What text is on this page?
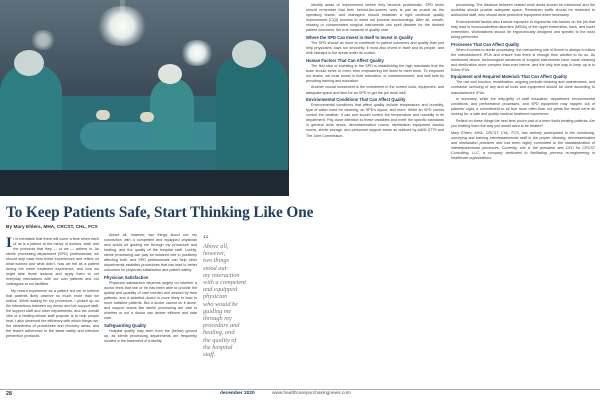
To Keep Patients Safe, Start Thinking Like One
By Mary Ehlers, MHA, CRCST, CHL, FCS

It is inevitable that there will come a time when each of us is a patient at the mercy of doctors, staff, and the protocols that they — or we — adhere to. As sterile processing department (SPD) professionals, we should step back from these experiences and reflect on what worked and what didn't, how we felt as a patient during the entire treatment experience, and how we might take those lessons and apply them to our everyday interactions with our own patients and our colleagues at our facilities.

My recent experience as a patient led me to believe that patients likely observe so much more than we realize. While waiting for my procedure, I picked up on the interactions between my doctor and her support staff, the support staff and other departments, and the overall vibe of a healthy-whose staff purpose is to help people heal. I also observed the efficiency with which things ran, the cleanliness of procedures and recovery areas, and the team's adherence to the latest safety and infection prevention protocols.

Above all, however, two things stood out: my connection with a competent and equipped physician who would be guiding me through my procedure and healing, and the quality of the hospital staff. Luckily, sterile processing can play an outsized role in positively affecting both, and SPD professionals can help other departments establish procedures that can lead to better outcomes for physician satisfaction and patient safety.

Physician Satisfaction

Physician satisfaction depends largely on whether a doctor feels that she or he has been able to provide the quality and quantity of care needed and desired by their patients, and a satisfied doctor is more likely to lead to more satisfied patients. But a doctor cannot do it alone, and support teams like sterile processing are vital to whether or not a doctor can deliver efficient and safe care.

Safeguarding Quality

Hospital quality may stem from the (below) ground up, as sterile processing departments are frequently located in the basement of a facility.

“
Above all,
however,
two things
stood out:
my interaction
with a competent
and equipped
physician
who would be
guiding me
through my
procedure and
healing, and
the quality of
the hospital
staff.

identify areas of improvement before they become problematic. SPD techs should remember that their behind-the-scenes work is just as crucial as the operating teams, and managers should establish a rigid continual quality improvement (CQI) process to weed out process shortcomings. After all, unsafe, missing or contaminated surgical instruments can spell disaster for the desired patient outcomes, the true measure of quality care.

Where the SPD Can Invest in Itself to Invest in Quality

The SPD should do more to contribute to patient outcomes and quality than just help physicians' days run smoothly; it must also invest in itself and its people, and limit mishaps in the areas under its control.

Human Factors That Can Affect Quality

The first step of investing in the SPD is establishing the high standards that the team should strive to meet, then empowering the team to meet them. To empower our teams, we must invest in their education, or commencement, and skill sets by providing training and education.

Another crucial investment is the investment in the correct tools, equipment, and adequate space and time for an SPD to get the job done well.

Environmental Conditions That Can Affect Quality

Environmental conditions that affect quality include temperature and humidity, type of water used for cleaning, an SPD's layout, and more. While an SPD cannot control the weather, it can and should control the temperature and humidity in its department. Pay close attention to these variables and meet the specific standards in general work areas, decontamination rooms, sterilization equipment access rooms, sterile storage, and personnel support areas as outlined by AAMI ST79 and The Joint Commission.

processing. The distance between related work areas should be minimized and the workflow should provide adequate space. Pedestrian traffic should be restricted to authorized staff, who should wear protective equipment when necessary.

Environmental factors also include exposure to ergonomic risk factors on the job that may lead to musculoskeletal disorders (MSDs) of the upper extremities, back, and lower extremities. Workstations should be ergonomically designed and specific to the work being performed.

Processes That Can Affect Quality

When it comes to sterile processing, the overarching rule of thumb is always to follow the manufacturers' IFUs and ensure that there is enough time allotted to do so. As mentioned above, technological advances of surgical instruments have made cleaning and sterilization more complex than ever before, and the only true way to keep up is to follow IFUs.

Equipment and Required Materials That Can Affect Quality

The use and function, recalibration, ongoing periodic cleaning and maintenance, and contractor servicing of any and all tools and equipment should be done according to manufacturers' IFUs.

In summary, while the nitty-gritty of staff education, department environmental conditions, and performance processes, and SPD equipment may happen out of patients' sight, a commitment to all four more often than not yields the result we're all looking for: a safe and quality medical treatment experience.

Reflect on these things the next time you're part of a team that's treating patients. Are you treating them the way you would want to be treated?

Mary Ehlers, MHA, CRCST, CHL, FCS, has actively participated in the monitoring, surveying and training interdepartmental staff in the proper cleaning, decontamination and sterilization practices and has been highly committed to the standardization of interdepartmental processes. Currently, she is the president and CEO for CRCST Consulting, LLC, a company dedicated to facilitating process re-engineering in healthcare organizations.

28	december 2020	www.healthcarepurchasingnews.com
